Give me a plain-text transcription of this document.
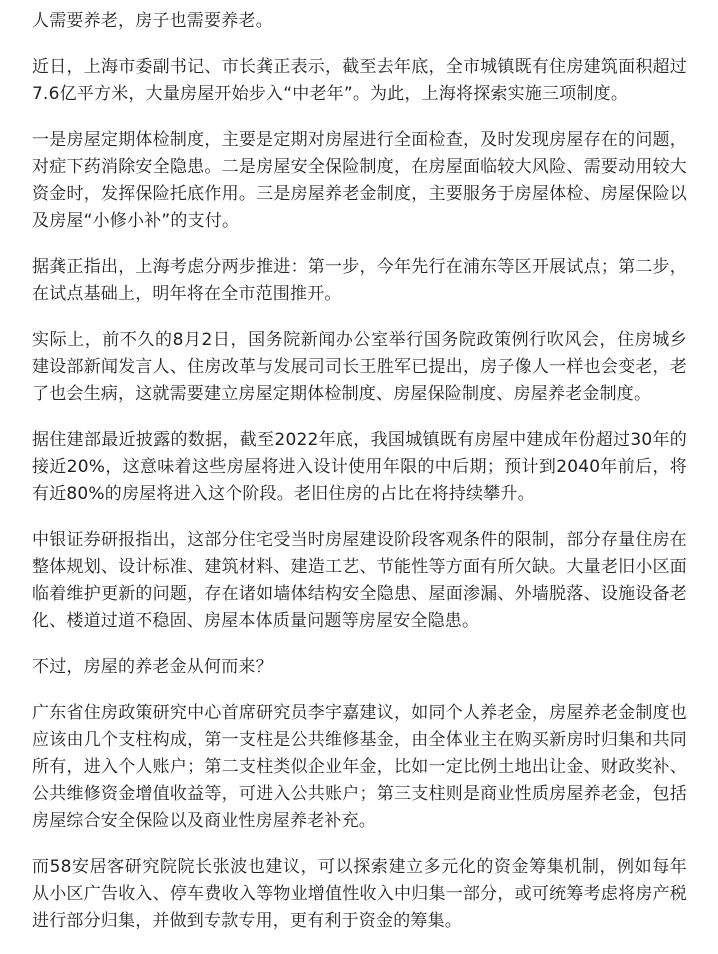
人需要养老，房子也需要养老。

近日，上海市委副书记、市长龚正表示，截至去年底，全市城镇既有住房建筑面积超过7.6亿平方米，大量房屋开始步入“中老年”。为此，上海将探索实施三项制度。

一是房屋定期体检制度，主要是定期对房屋进行全面检查，及时发现房屋存在的问题，对症下药消除安全隐患。二是房屋安全保险制度，在房屋面临较大风险、需要动用较大资金时，发挥保险托底作用。三是房屋养老金制度，主要服务于房屋体检、房屋保险以及房屋“小修小补”的支付。

据龚正指出，上海考虑分两步推进：第一步，今年先行在浦东等区开展试点；第二步，在试点基础上，明年将在全市范围推开。

实际上，前不久的8月2日，国务院新闻办公室举行国务院政策例行吹风会，住房城乡建设部新闻发言人、住房改革与发展司司长王胜军已提出，房子像人一样也会变老，老了也会生病，这就需要建立房屋定期体检制度、房屋保险制度、房屋养老金制度。

据住建部最近披露的数据，截至2022年底，我国城镇既有房屋中建成年份超过30年的接近20%，这意味着这些房屋将进入设计使用年限的中后期；预计到2040年前后，将有近80%的房屋将进入这个阶段。老旧住房的占比在将持续攀升。

中银证券研报指出，这部分住宅受当时房屋建设阶段客观条件的限制，部分存量住房在整体规划、设计标准、建筑材料、建造工艺、节能性等方面有所欠缺。大量老旧小区面临着维护更新的问题，存在诸如墙体结构安全隐患、屋面渗漏、外墙脱落、设施设备老化、楼道过道不稳固、房屋本体质量问题等房屋安全隐患。

不过，房屋的养老金从何而来？

广东省住房政策研究中心首席研究员李宇嘉建议，如同个人养老金，房屋养老金制度也应该由几个支柱构成，第一支柱是公共维修基金，由全体业主在购买新房时归集和共同所有，进入个人账户；第二支柱类似企业年金，比如一定比例土地出让金、财政奖补、公共维修资金增值收益等，可进入公共账户；第三支柱则是商业性质房屋养老金，包括房屋综合安全保险以及商业性房屋养老补充。

而58安居客研究院院长张波也建议，可以探索建立多元化的资金筹集机制，例如每年从小区广告收入、停车费收入等物业增值性收入中归集一部分，或可统筹考虑将房产税进行部分归集，并做到专款专用，更有利于资金的筹集。
